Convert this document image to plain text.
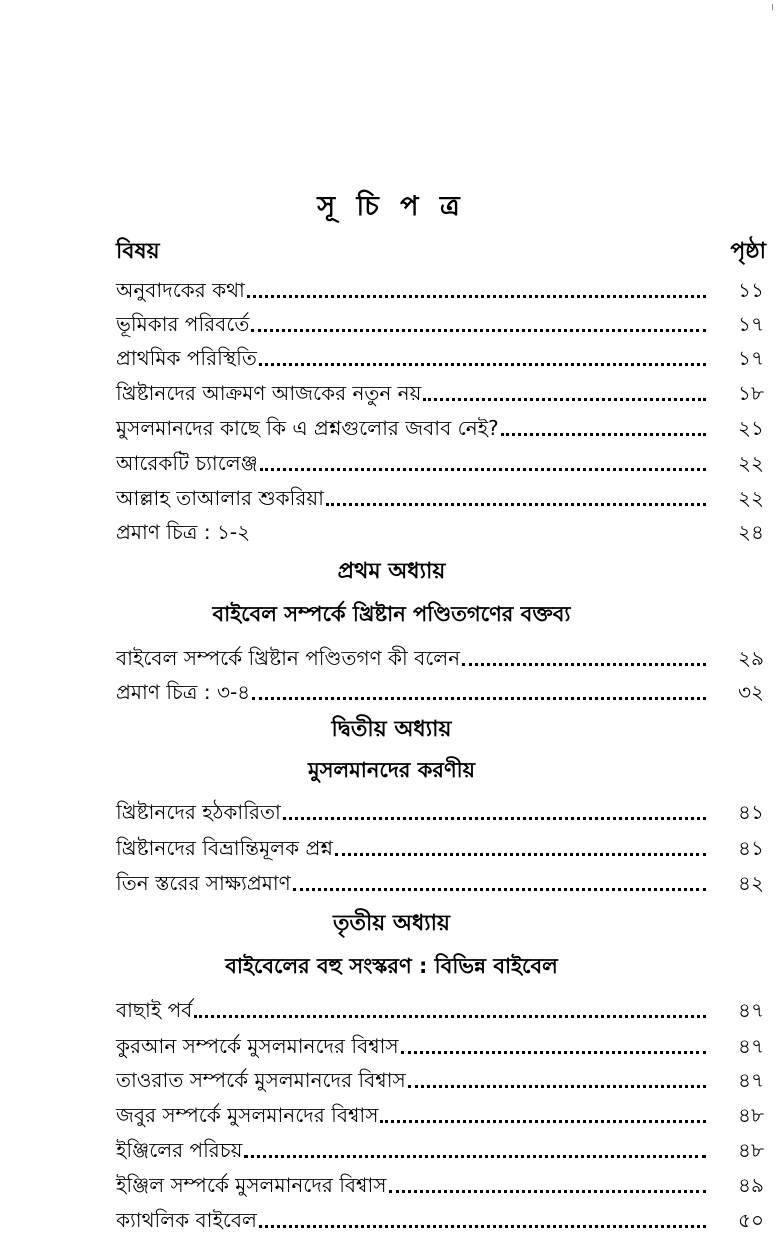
সূ চি প ত্র
বিষয়	পৃষ্ঠা
অনুবাদকের কথা	১১
ভূমিকার পরিবর্তে	১৭
প্রাথমিক পরিস্থিতি	১৭
খ্রিষ্টানদের আক্রমণ আজকের নতুন নয়	১৮
মুসলমানদের কাছে কি এ প্রশ্নগুলোর জবাব নেই?	২১
আরেকটি চ্যালেঞ্জ	২২
আল্লাহ তাআলার শুকরিয়া	২২
প্রমাণ চিত্র : ১-২	২৪
প্রথম অধ্যায়
বাইবেল সম্পর্কে খ্রিষ্টান পণ্ডিতগণের বক্তব্য
বাইবেল সম্পর্কে খ্রিষ্টান পণ্ডিতগণ কী বলেন	২৯
প্রমাণ চিত্র : ৩-৪	৩২
দ্বিতীয় অধ্যায়
মুসলমানদের করণীয়
খ্রিষ্টানদের হঠকারিতা	৪১
খ্রিষ্টানদের বিভ্রান্তিমূলক প্রশ্ন	৪১
তিন স্তরের সাক্ষ্যপ্রমাণ	৪২
তৃতীয় অধ্যায়
বাইবেলের বহু সংস্করণ : বিভিন্ন বাইবেল
বাছাই পর্ব	৪৭
কুরআন সম্পর্কে মুসলমানদের বিশ্বাস	৪৭
তাওরাত সম্পর্কে মুসলমানদের বিশ্বাস	৪৭
জবুর সম্পর্কে মুসলমানদের বিশ্বাস	৪৮
ইঞ্জিলের পরিচয়	৪৮
ইঞ্জিল সম্পর্কে মুসলমানদের বিশ্বাস	৪৯
ক্যাথলিক বাইবেল	৫০
